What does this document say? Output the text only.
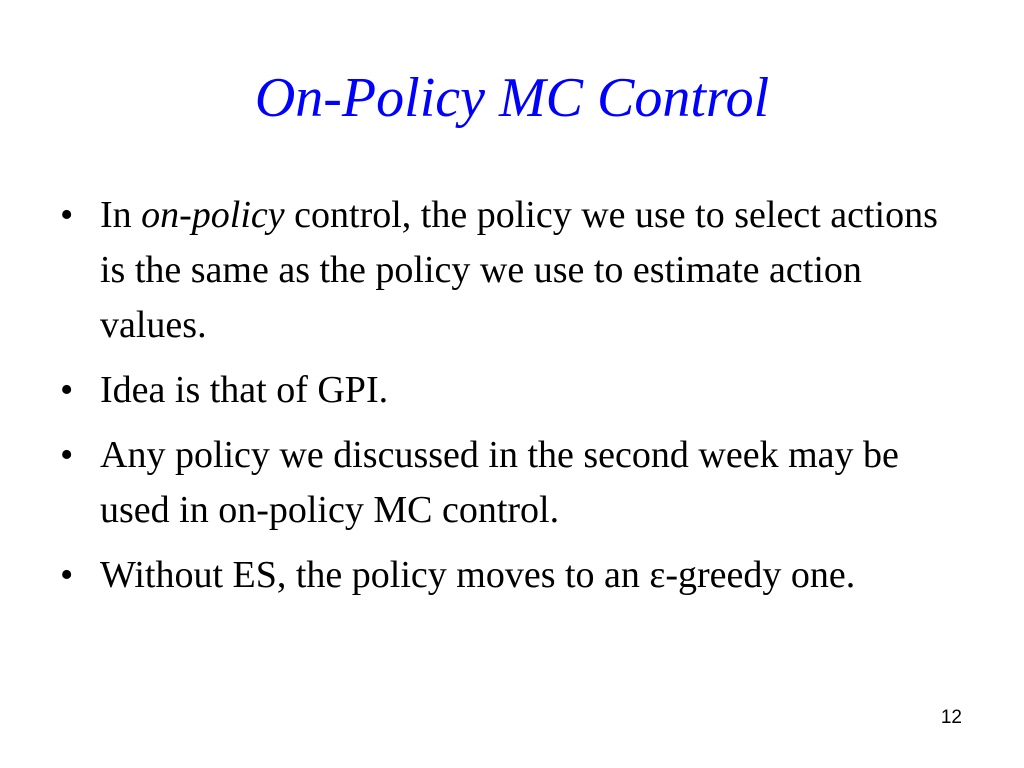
On-Policy MC Control
• In on-policy control, the policy we use to select actions is the same as the policy we use to estimate action values.
• Idea is that of GPI.
• Any policy we discussed in the second week may be used in on-policy MC control.
• Without ES, the policy moves to an ε-greedy one.
12
